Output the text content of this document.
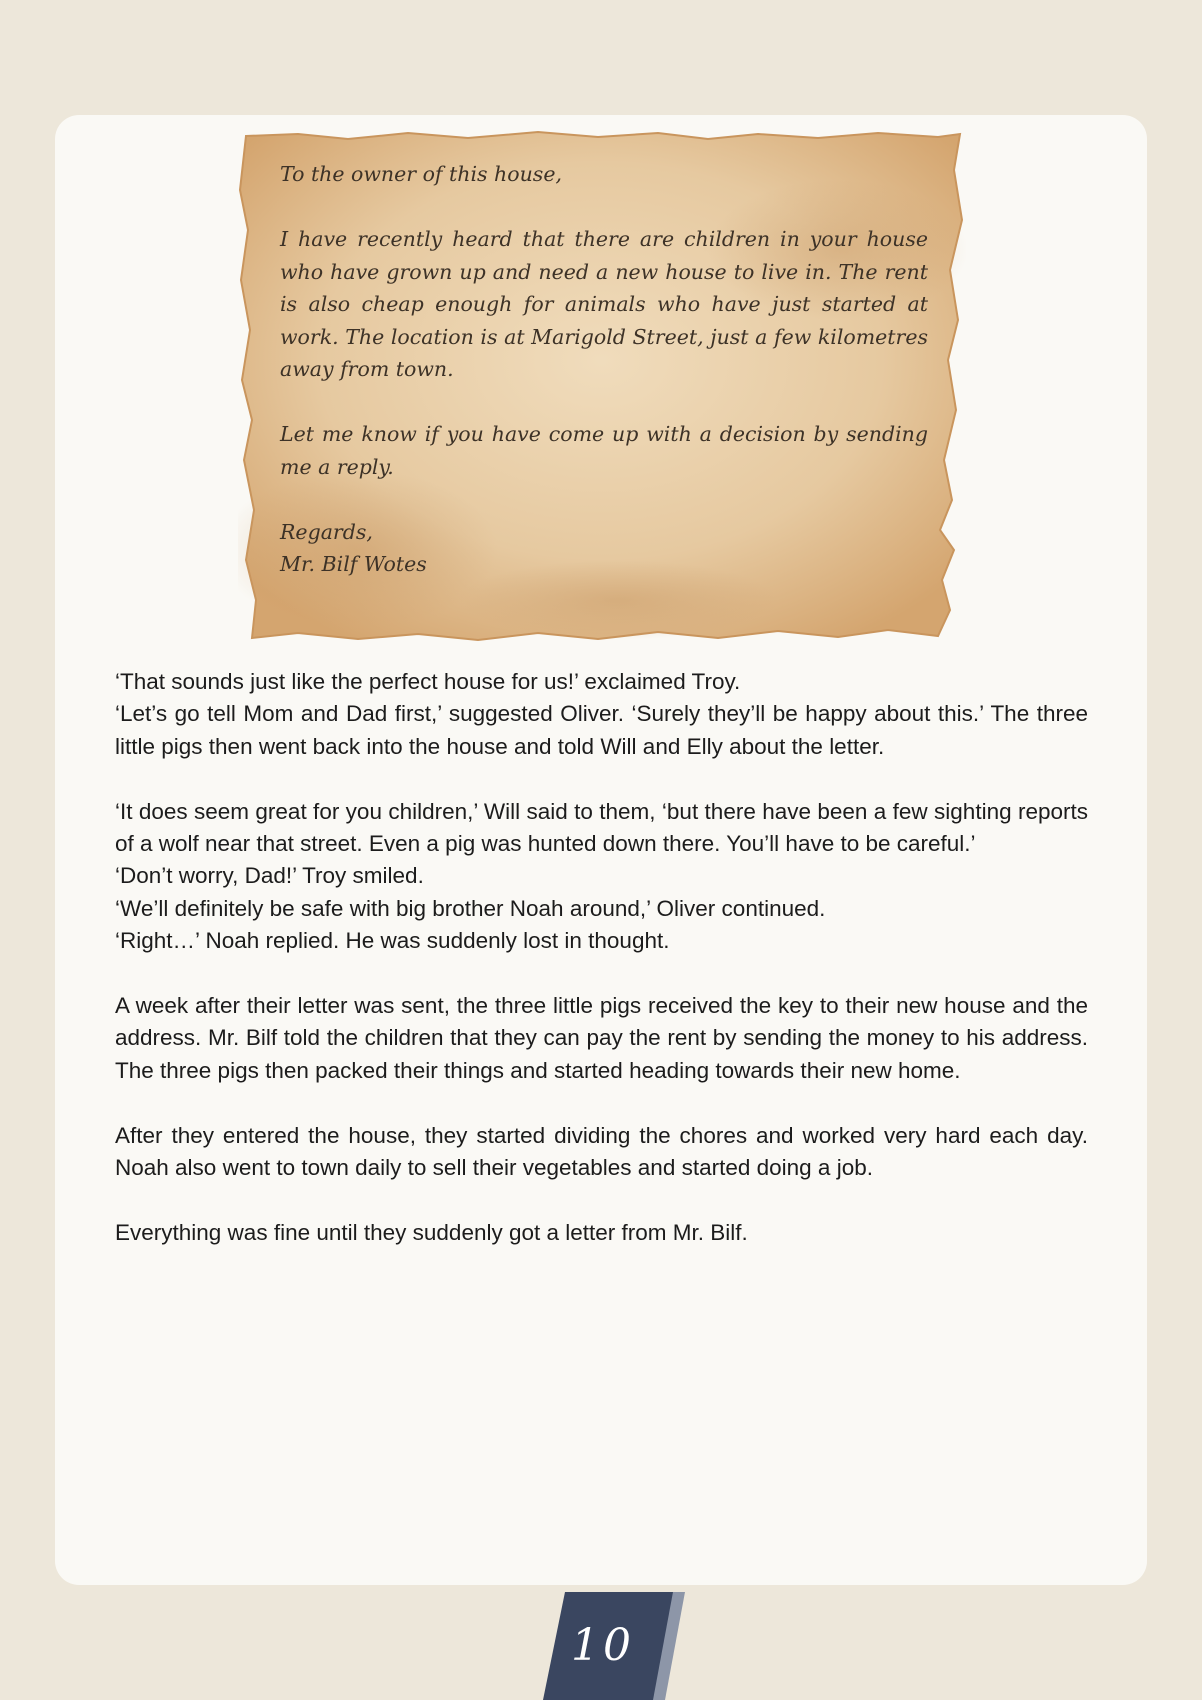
To the owner of this house,

I have recently heard that there are children in your house who have grown up and need a new house to live in. The rent is also cheap enough for animals who have just started at work. The location is at Marigold Street, just a few kilometres away from town.

Let me know if you have come up with a decision by sending me a reply.

Regards,
Mr. Bilf Wotes

‘That sounds just like the perfect house for us!’ exclaimed Troy.
‘Let’s go tell Mom and Dad first,’ suggested Oliver. ‘Surely they’ll be happy about this.’ The three little pigs then went back into the house and told Will and Elly about the letter.
‘It does seem great for you children,’ Will said to them, ‘but there have been a few sighting reports of a wolf near that street. Even a pig was hunted down there. You’ll have to be careful.’
‘Don’t worry, Dad!’ Troy smiled.
‘We’ll definitely be safe with big brother Noah around,’ Oliver continued.
‘Right…’ Noah replied. He was suddenly lost in thought.
A week after their letter was sent, the three little pigs received the key to their new house and the address. Mr. Bilf told the children that they can pay the rent by sending the money to his address. The three pigs then packed their things and started heading towards their new home.
After they entered the house, they started dividing the chores and worked very hard each day. Noah also went to town daily to sell their vegetables and started doing a job.
Everything was fine until they suddenly got a letter from Mr. Bilf.
10
